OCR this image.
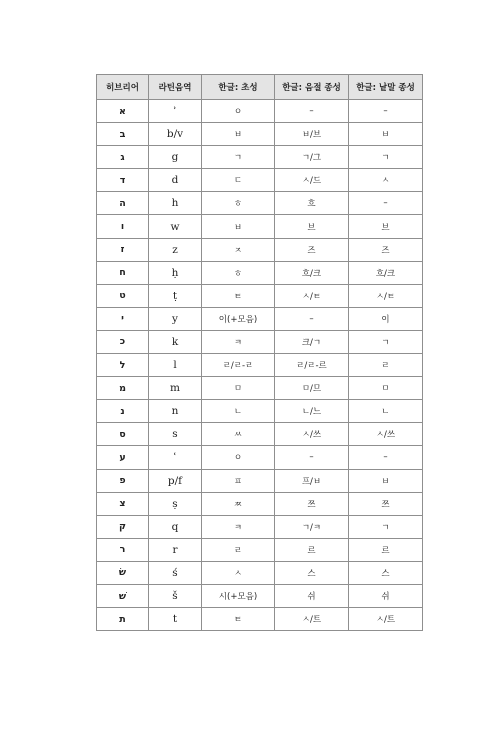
히브리어	라틴음역	한글: 초성	한글: 음절 종성	한글: 낱말 종성
א	ʾ	ㅇ	–	–
ב	b/v	ㅂ	ㅂ/브	ㅂ
ג	g	ㄱ	ㄱ/그	ㄱ
ד	d	ㄷ	ㅅ/드	ㅅ
ה	h	ㅎ	흐	–
ו	w	ㅂ	브	브
ז	z	ㅈ	즈	즈
ח	ḥ	ㅎ	흐/크	흐/크
ט	ṭ	ㅌ	ㅅ/ㅌ	ㅅ/ㅌ
י	y	이(+모음)	–	이
כ	k	ㅋ	크/ㄱ	ㄱ
ל	l	ㄹ/ㄹ-ㄹ	ㄹ/ㄹ-르	ㄹ
מ	m	ㅁ	ㅁ/므	ㅁ
נ	n	ㄴ	ㄴ/느	ㄴ
ס	s	ㅆ	ㅅ/쓰	ㅅ/쓰
ע	ʿ	ㅇ	–	–
פ	p/f	ㅍ	프/ㅂ	ㅂ
צ	ṣ	ㅉ	쯔	쯔
ק	q	ㅋ	ㄱ/ㅋ	ㄱ
ר	r	ㄹ	르	르
שׂ	ś	ㅅ	스	스
שׁ	š	시(+모음)	쉬	쉬
ת	t	ㅌ	ㅅ/트	ㅅ/트
